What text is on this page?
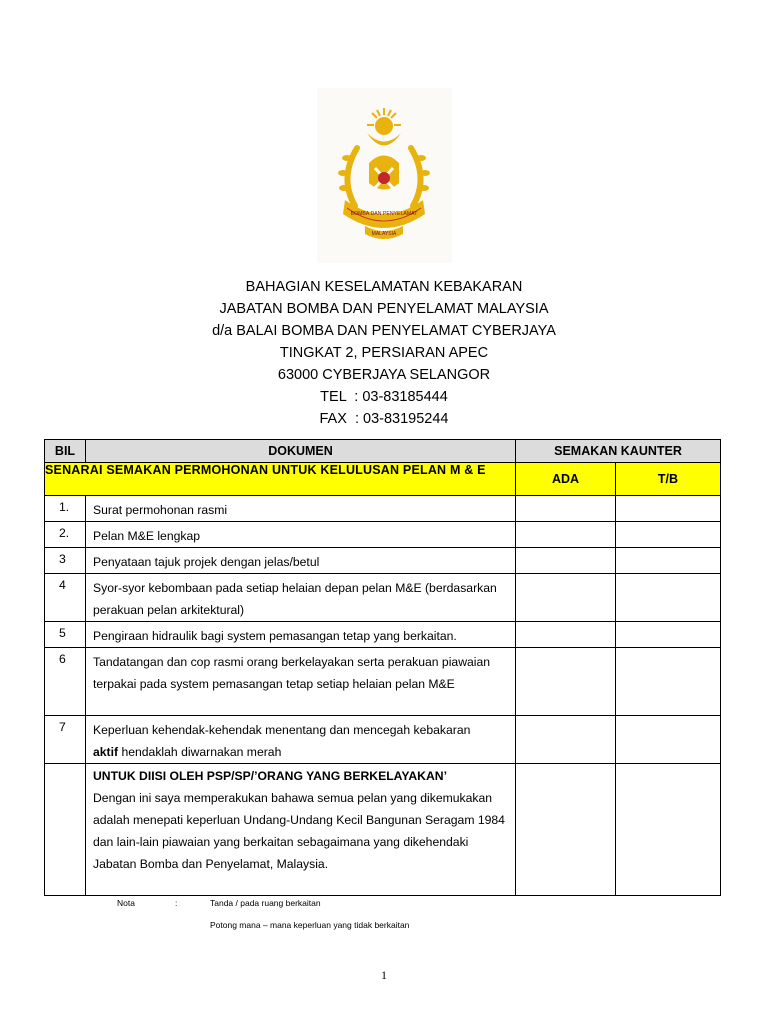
BOMBA DAN PENYELAMAT
MALAYSIA
BAHAGIAN KESELAMATAN KEBAKARAN
JABATAN BOMBA DAN PENYELAMAT MALAYSIA
d/a BALAI BOMBA DAN PENYELAMAT CYBERJAYA
TINGKAT 2, PERSIARAN APEC
63000 CYBERJAYA SELANGOR
TEL  : 03-83185444
FAX  : 03-83195244
BIL	DOKUMEN	SEMAKAN KAUNTER	
SENARAI SEMAKAN PERMOHONAN UNTUK KELULUSAN PELAN M & E		ADA	T/B
1.	Surat permohonan rasmi		
2.	Pelan M&E lengkap		
3	Penyataan tajuk projek dengan jelas/betul		
4	Syor-syor kebombaan pada setiap helaian depan pelan M&E (berdasarkan perakuan pelan arkitektural)		
5	Pengiraan hidraulik bagi system pemasangan tetap yang berkaitan.		
6	Tandatangan dan cop rasmi orang berkelayakan serta perakuan piawaian terpakai pada system pemasangan tetap setiap helaian pelan M&E		
7	Keperluan kehendak-kehendak menentang dan mencegah kebakaran
aktif hendaklah diwarnakan merah		

	UNTUK DIISI OLEH PSP/SP/’ORANG YANG BERKELAYAKAN’
Dengan ini saya memperakukan bahawa semua pelan yang dikemukakan adalah menepati keperluan Undang-Undang Kecil Bangunan Seragam 1984 dan lain-lain piawaian yang berkaitan sebagaimana yang dikehendaki Jabatan Bomba dan Penyelamat, Malaysia.		

Nota	:	Tanda / pada ruang berkaitan
Potong mana – mana keperluan yang tidak berkaitan
1
